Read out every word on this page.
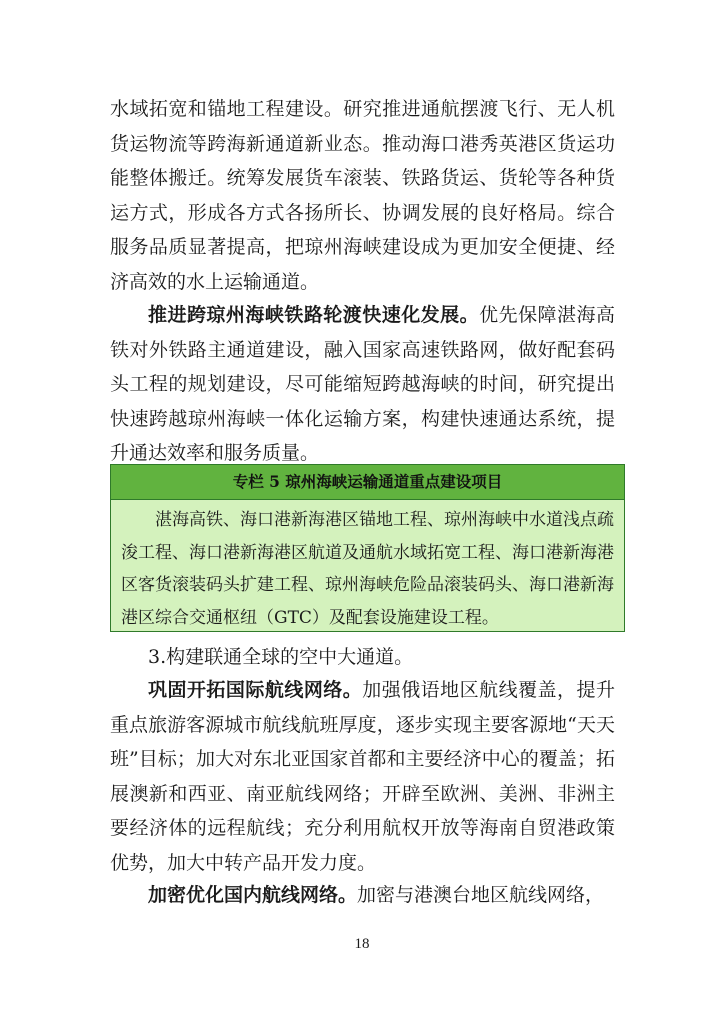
水域拓宽和锚地工程建设。研究推进通航摆渡飞行、无人机货运物流等跨海新通道新业态。推动海口港秀英港区货运功能整体搬迁。统筹发展货车滚装、铁路货运、货轮等各种货运方式，形成各方式各扬所长、协调发展的良好格局。综合服务品质显著提高，把琼州海峡建设成为更加安全便捷、经济高效的水上运输通道。

推进跨琼州海峡铁路轮渡快速化发展。优先保障湛海高铁对外铁路主通道建设，融入国家高速铁路网，做好配套码头工程的规划建设，尽可能缩短跨越海峡的时间，研究提出快速跨越琼州海峡一体化运输方案，构建快速通达系统，提升通达效率和服务质量。

专栏 5 琼州海峡运输通道重点建设项目

湛海高铁、海口港新海港区锚地工程、琼州海峡中水道浅点疏浚工程、海口港新海港区航道及通航水域拓宽工程、海口港新海港区客货滚装码头扩建工程、琼州海峡危险品滚装码头、海口港新海港区综合交通枢纽（GTC）及配套设施建设工程。

3.构建联通全球的空中大通道。

巩固开拓国际航线网络。加强俄语地区航线覆盖，提升重点旅游客源城市航线航班厚度，逐步实现主要客源地“天天班”目标；加大对东北亚国家首都和主要经济中心的覆盖；拓展澳新和西亚、南亚航线网络；开辟至欧洲、美洲、非洲主要经济体的远程航线；充分利用航权开放等海南自贸港政策优势，加大中转产品开发力度。

加密优化国内航线网络。加密与港澳台地区航线网络，

18
